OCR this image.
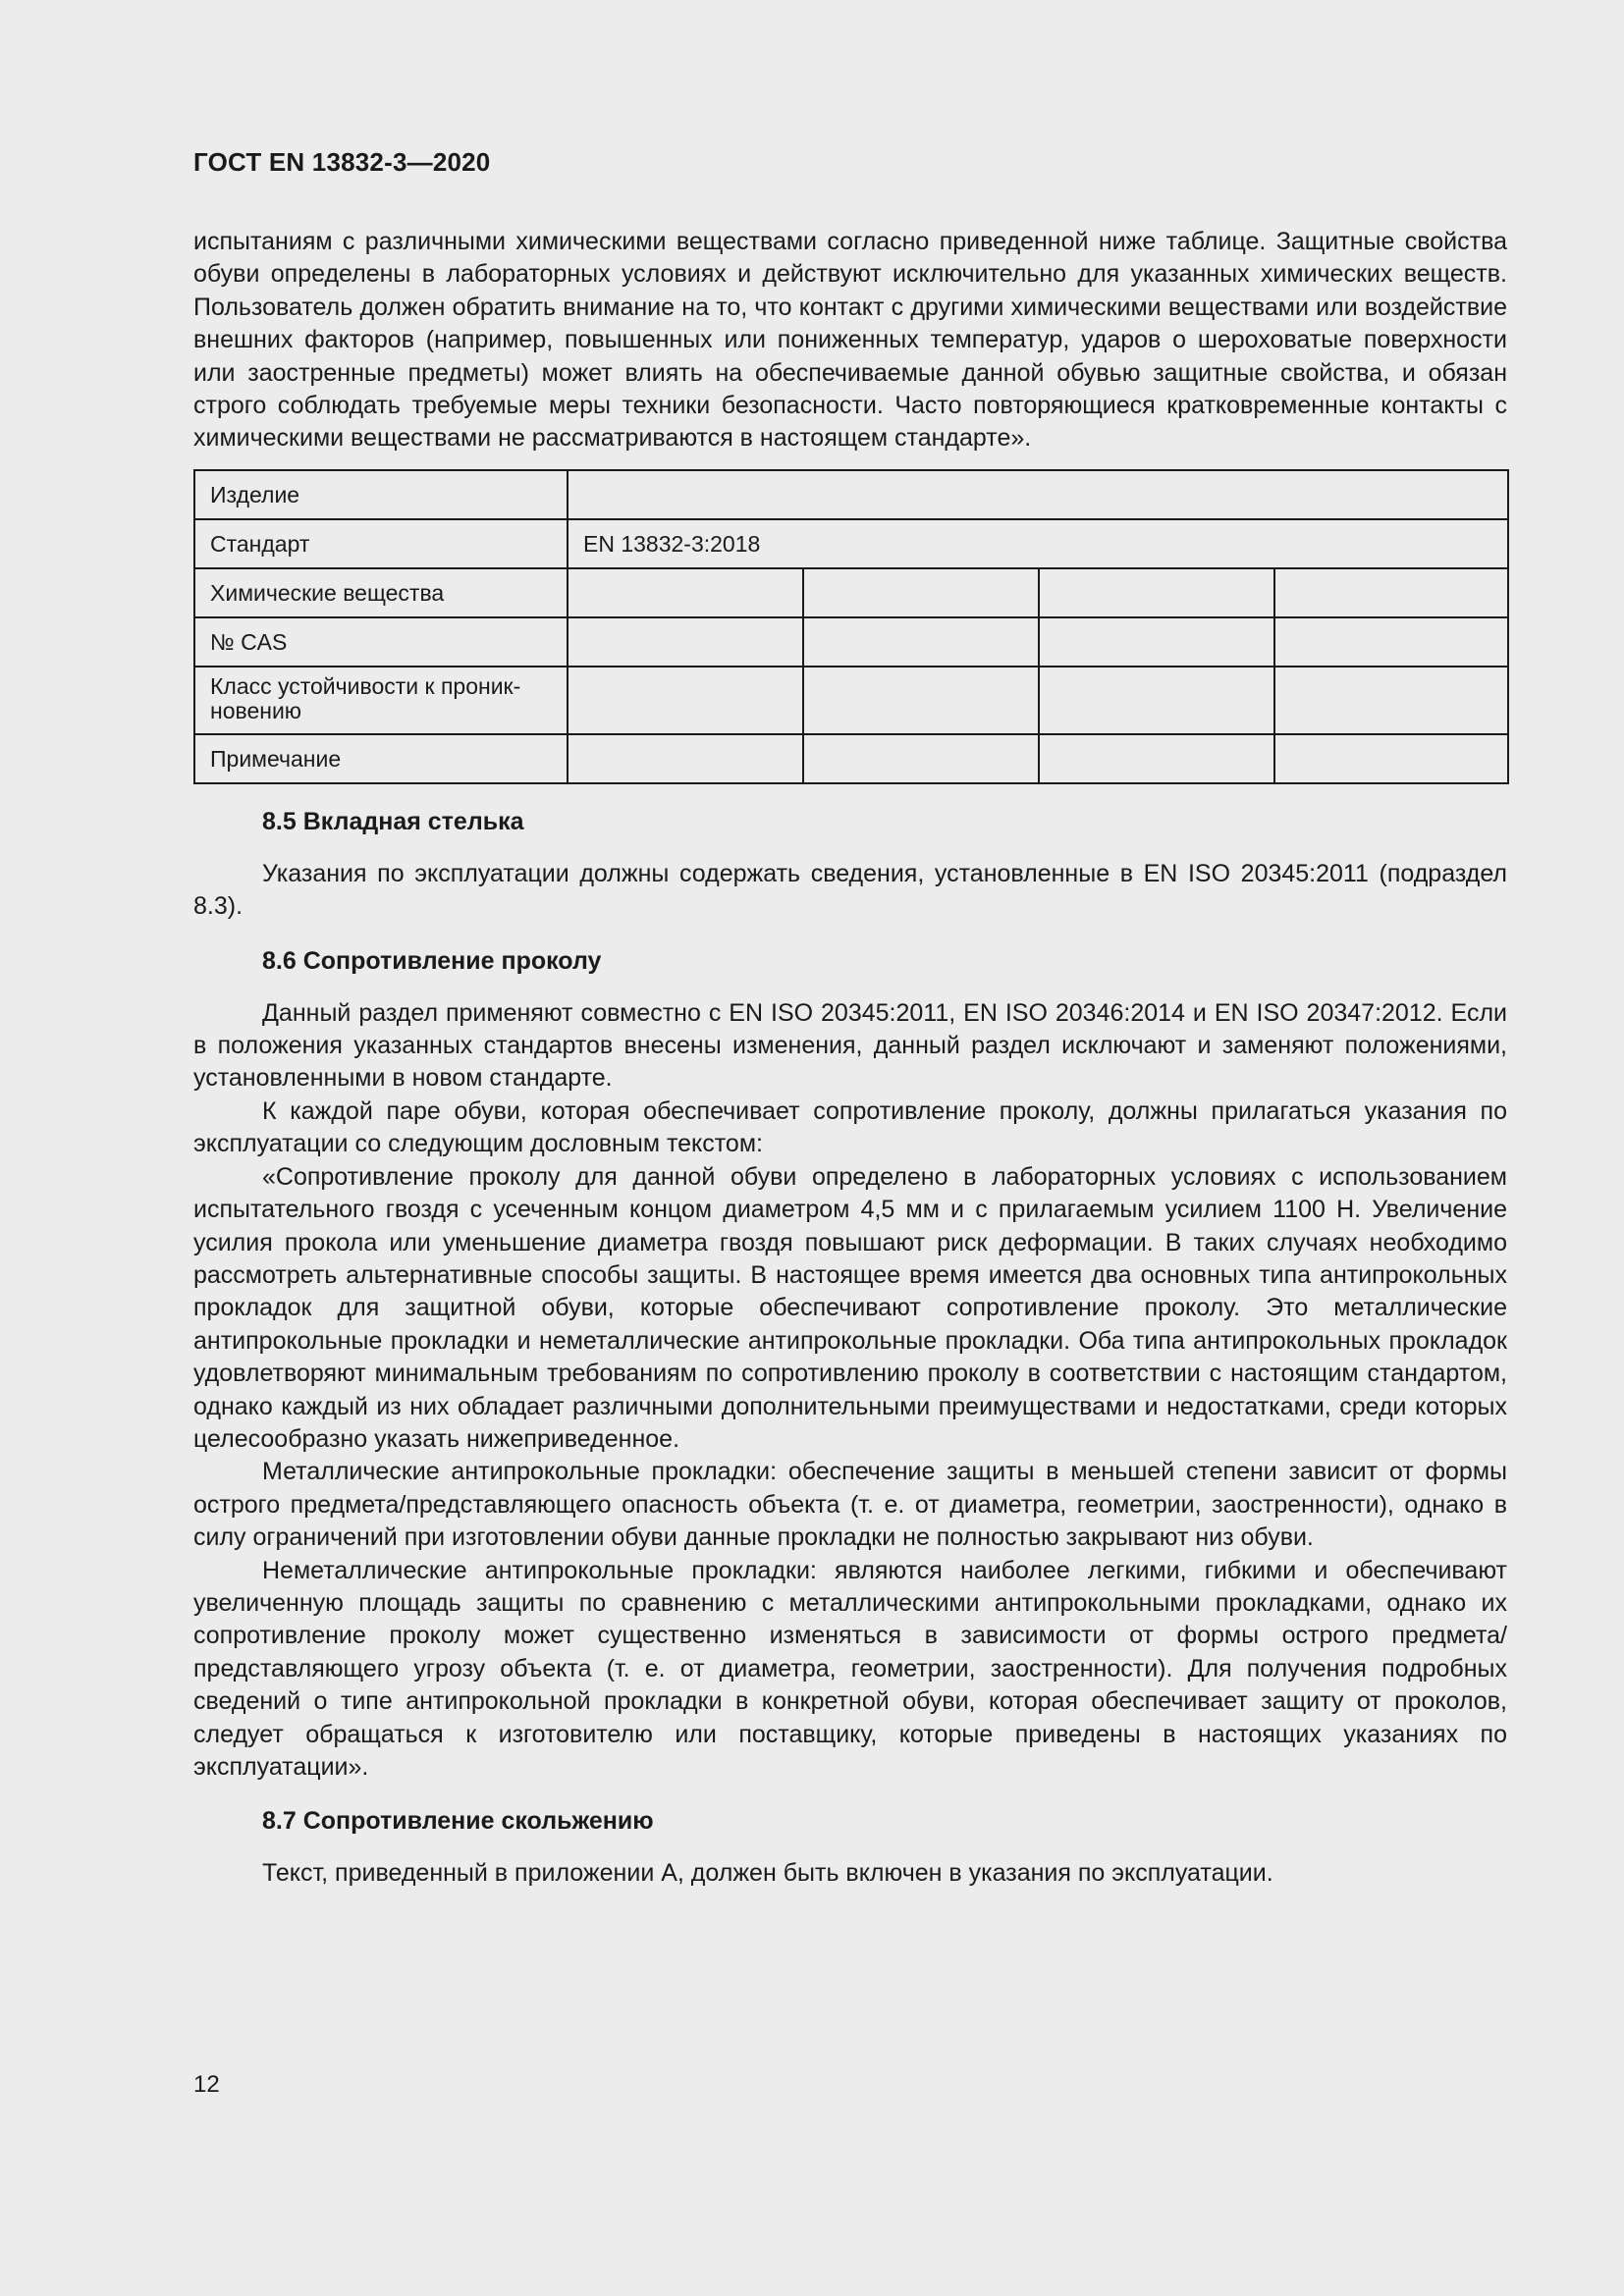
ГОСТ EN 13832-3—2020

испытаниям с различными химическими веществами согласно приведенной ниже таблице. Защитные свойства обуви определены в лабораторных условиях и действуют исключительно для указанных химических веществ. Пользователь должен обратить внимание на то, что контакт с другими химическими веществами или воздействие внешних факторов (например, повышенных или пониженных температур, ударов о шероховатые поверхности или заостренные предметы) может влиять на обеспечиваемые данной обувью защитные свойства, и обязан строго соблюдать требуемые меры техники безопасности. Часто повторяющиеся кратковременные контакты с химическими веществами не рассматриваются в настоящем стандарте».

Изделие				
Стандарт	EN 13832-3:2018			
Химические вещества				
№ CAS				
Класс устойчивости к проникновению				
Примечание				
8.5 Вкладная стелька

Указания по эксплуатации должны содержать сведения, установленные в EN ISO 20345:2011 (подраздел 8.3).

8.6 Сопротивление проколу

Данный раздел применяют совместно с EN ISO 20345:2011, EN ISO 20346:2014 и EN ISO 20347:2012. Если в положения указанных стандартов внесены изменения, данный раздел исключают и заменяют положениями, установленными в новом стандарте.

К каждой паре обуви, которая обеспечивает сопротивление проколу, должны прилагаться указания по эксплуатации со следующим дословным текстом:

«Сопротивление проколу для данной обуви определено в лабораторных условиях с использованием испытательного гвоздя с усеченным концом диаметром 4,5 мм и с прилагаемым усилием 1100 Н. Увеличение усилия прокола или уменьшение диаметра гвоздя повышают риск деформации. В таких случаях необходимо рассмотреть альтернативные способы защиты. В настоящее время имеется два основных типа антипрокольных прокладок для защитной обуви, которые обеспечивают сопротивление проколу. Это металлические антипрокольные прокладки и неметаллические антипрокольные прокладки. Оба типа антипрокольных прокладок удовлетворяют минимальным требованиям по сопротивлению проколу в соответствии с настоящим стандартом, однако каждый из них обладает различными дополнительными преимуществами и недостатками, среди которых целесообразно указать нижеприведенное.

Металлические антипрокольные прокладки: обеспечение защиты в меньшей степени зависит от формы острого предмета/представляющего опасность объекта (т. е. от диаметра, геометрии, заостренности), однако в силу ограничений при изготовлении обуви данные прокладки не полностью закрывают низ обуви.

Неметаллические антипрокольные прокладки: являются наиболее легкими, гибкими и обеспечивают увеличенную площадь защиты по сравнению с металлическими антипрокольными прокладками, однако их сопротивление проколу может существенно изменяться в зависимости от формы острого предмета/представляющего угрозу объекта (т. е. от диаметра, геометрии, заостренности). Для получения подробных сведений о типе антипрокольной прокладки в конкретной обуви, которая обеспечивает защиту от проколов, следует обращаться к изготовителю или поставщику, которые приведены в настоящих указаниях по эксплуатации».

8.7 Сопротивление скольжению

Текст, приведенный в приложении А, должен быть включен в указания по эксплуатации.

12
